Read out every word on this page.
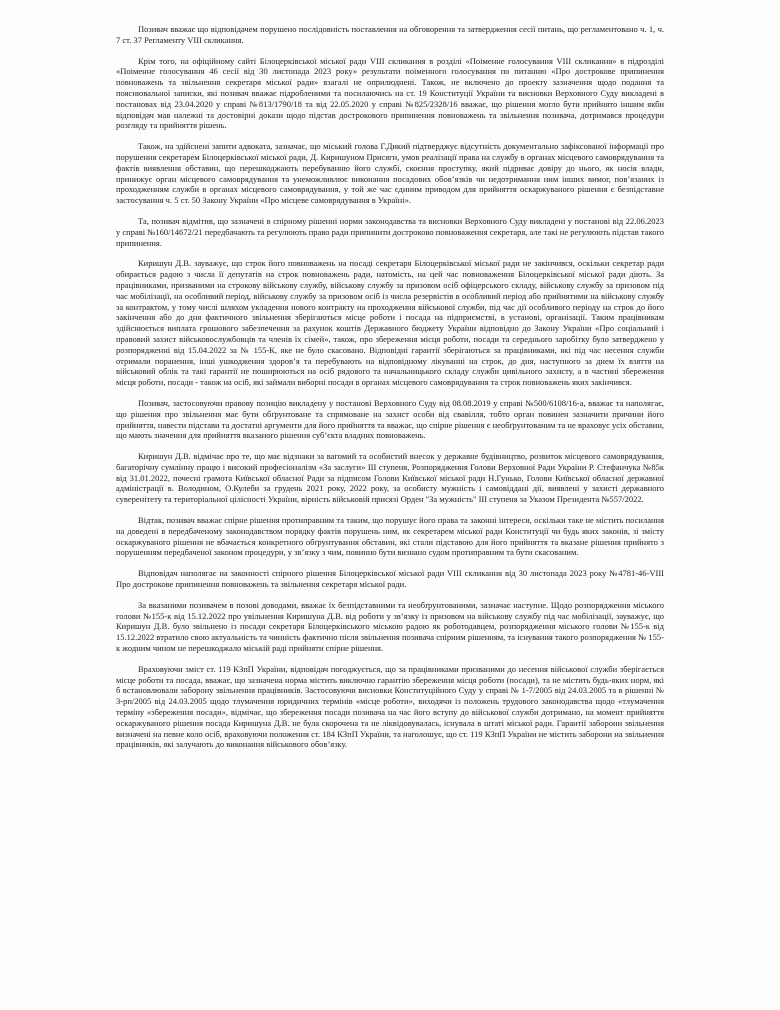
Позивач вважає що відповідачем порушено послідовність поставлення на обговорення та затвердження сесії питань, що регламентовано ч. 1, ч. 7 ст. 37 Регламенту VIII скликання.

Крім того, на офіційному сайті Білоцерківської міської ради VIII скликання в розділі «Поіменне голосування VIII скликання» в підрозділі «Поіменне голосування 46 сесії від 30 листопада 2023 року» результати поіменного голосування по питанню «Про дострокове припинення повноважень та звільнення секретаря міської ради» взагалі не оприлюднені. Також, не включено до проекту зазначення щодо подання та пояснювальної записки, які позивач вважає підробленими та посилаючись на ст. 19 Конституції України та висновки Верховного Суду викладені в постановах від 23.04.2020 у справі №813/1790/18 та від 22.05.2020 у справі №825/2328/16 вважає, що рішення могло бути прийнято іншим якби відповідач мав належні та достовірні докази щодо підстав дострокового припинення повноважень та звільнення позивача, дотримався процедури розгляду та прийняття рішень.

Також, на здійснені запити адвоката, зазначає, що міський голова Г.Дикий підтверджує відсутність документально зафіксованої інформації про порушення секретарем Білоцерківської міської ради, Д. Киришуном Присяги, умов реалізації права на службу в органах місцевого самоврядування та фактів виявлення обставин, що перешкоджають перебуванню його службі, скоєння проступку, який підриває довіру до нього, як носія влади, принижує орган місцевого самоврядування та унеможливлює виконання посадових обов’язків чи недотримання ним інших вимог, пов’язаних із проходженням служби в органах місцевого самоврядування, у той же час єдиним приводом для прийняття оскаржуваного рішення є безпідставне застосування ч. 5 ст. 50 Закону України «Про місцеве самоврядування в Україні».

Та, позивач відмітив, що зазначені в спірному рішенні норми законодавства та висновки Верховного Суду викладені у постанові від 22.06.2023 у справі №160/14672/21 передбачають та регулюють право ради припинити достроково повноваження секретаря, але такі не регулюють підстав такого припинення.

Киришун Д.В. зауважує, що строк його повноважень на посаді секретаря Білоцерківської міської ради не закінчився, оскільки секретар ради обирається радою з числа її депутатів на строк повноважень ради, натомість, на цей час повноваження Білоцерківської міської ради діють. За працівниками, призваними на строкову військову службу, військову службу за призовом осіб офіцерського складу, військову службу за призовом під час мобілізації, на особливий період, військову службу за призовом осіб із числа резервістів в особливий період або прийнятими на військову службу за контрактом, у тому числі шляхом укладення нового контракту на проходження військової служби, під час дії особливого періоду на строк до його закінчення або до дня фактичного звільнення зберігаються місце роботи і посада на підприємстві, в установі, організації. Таким працівникам здійснюється виплата грошового забезпечення за рахунок коштів Державного бюджету України відповідно до Закону України «Про соціальний і правовий захист військовослужбовців та членів їх сімей», також, про збереження місця роботи, посади та середнього заробітку було затверджено у розпорядженні від 15.04.2022 за № 155-К, яке не було скасовано. Відповідні гарантії зберігаються за працівниками, які під час несення служби отримали поранення, інші ушкодження здоров’я та перебувають на відповідному лікуванні на строк, до дня, наступного за днем їх взяття на військовий облік та такі гарантії не поширюються на осіб рядового та начальницького складу служби цивільного захисту, а в частині збереження місця роботи, посади - також на осіб, які займали виборні посади в органах місцевого самоврядування та строк повноважень яких закінчився.

Позивач, застосовуючи правову позицію викладену у постанові Верховного Суду від 08.08.2019 у справі №500/6108/16-а, вважає та наполягає, що рішення про звільнення має бути обґрунтоване та спрямоване на захист особи від свавілля, тобто орган повинен зазначити причини його прийняття, навести підстави та достатні аргументи для його прийняття та вважає, що спірне рішення є необґрунтованим та не враховує усіх обставин, що мають значення для прийняття вказаного рішення суб’єкта владних повноважень.

Киришун Д.В. відмічає про те, що має відзнаки за вагомий та особистий внесок у державне будівництво, розвиток місцевого самоврядування, багаторічну сумлінну працю і високий професіоналізм «За заслуги» ІІІ ступеня, Розпорядження Голови Верховної Ради України Р. Стефанчука №85к від 31.01.2022, почесні грамота Київської обласної Ради за підписом Голови Київської міської ради Н.Гунько, Голови Київської обласної державної адміністрації в. Володином, О.Кулеби за грудень 2021 року, 2022 року, за особисту мужність і самовіддані дії, виявлені у захисті державного суверенітету та територіальної цілісності України, вірність військовій присязі Орден "За мужність" ІІІ ступеня за Указом Президента №557/2022.

Відтак, позивач вважає спірне рішення протиправним та таким, що порушує його права та законні інтереси, оскільки таке не містить посилання на доведені в передбаченому законодавством порядку фактів порушень ним, як секретарем міської ради Конституції чи будь яких законів, зі змісту оскаржуваного рішення не вбачається конкретного обґрунтування обставин, які стали підставою для його прийняття та вказане рішення прийнято з порушенням передбаченої законом процедури, у зв’язку з чим, повинно бути визнано судом протиправним та бути скасованим.

Відповідач наполягає на законності спірного рішення Білоцерківської міської ради VIII скликання від 30 листопада 2023 року №4781-46-VIII Про дострокове припинення повноважень та звільнення секретаря міської ради.

За вказаними позивачем в позові доводами, вважає їх безпідставними та необґрунтованими, зазначає наступне. Щодо розпорядження міського голови №155-к від 15.12.2022 про увільнення Киришуна Д.В. від роботи у зв’язку із призовом на військову службу під час мобілізації, зауважує, що Киришун Д.В. було звільнено із посади секретаря Білоцерківського міською радою як роботодавцем, розпорядження міського голови №155-к від 15.12.2022 втратило свою актуальність та чинність фактично після звільнення позивача спірним рішенням, та існування такого розпорядження № 155-к жодним чином не перешкоджало міській раді прийняти спірне рішення.

Враховуючи зміст ст. 119 КЗпП України, відповідач погоджується, що за працівниками призваними до несення військової служби зберігається місце роботи та посада, вважає, що зазначена норма містить виключно гарантію збереження місця роботи (посади), та не містить будь-яких норм, які б встановлювали заборону звільнення працівників. Застосовуючи висновки Конституційного Суду у справі № 1-7/2005 від 24.03.2005 та в рішенні № 3-рп/2005 від 24.03.2005 щодо тлумачення юридичних термінів «місце роботи», виходячи із положень трудового законодавства щодо «тлумачення терміну «збереження посади», відмічає, що збереження посади позивача на час його вступу до військової служби дотримано, на момент прийняття оскаржуваного рішення посада Киришуна Д.В. не була скорочена та не ліквідовувалась, існувала в штаті міської ради. Гарантії заборони звільнення визначені на певне коло осіб, враховуючи положення ст. 184 КЗпП України, та наголошує, що ст. 119 КЗпП України не містить заборони на звільнення працівників, які залучають до виконання військового обов’язку.
